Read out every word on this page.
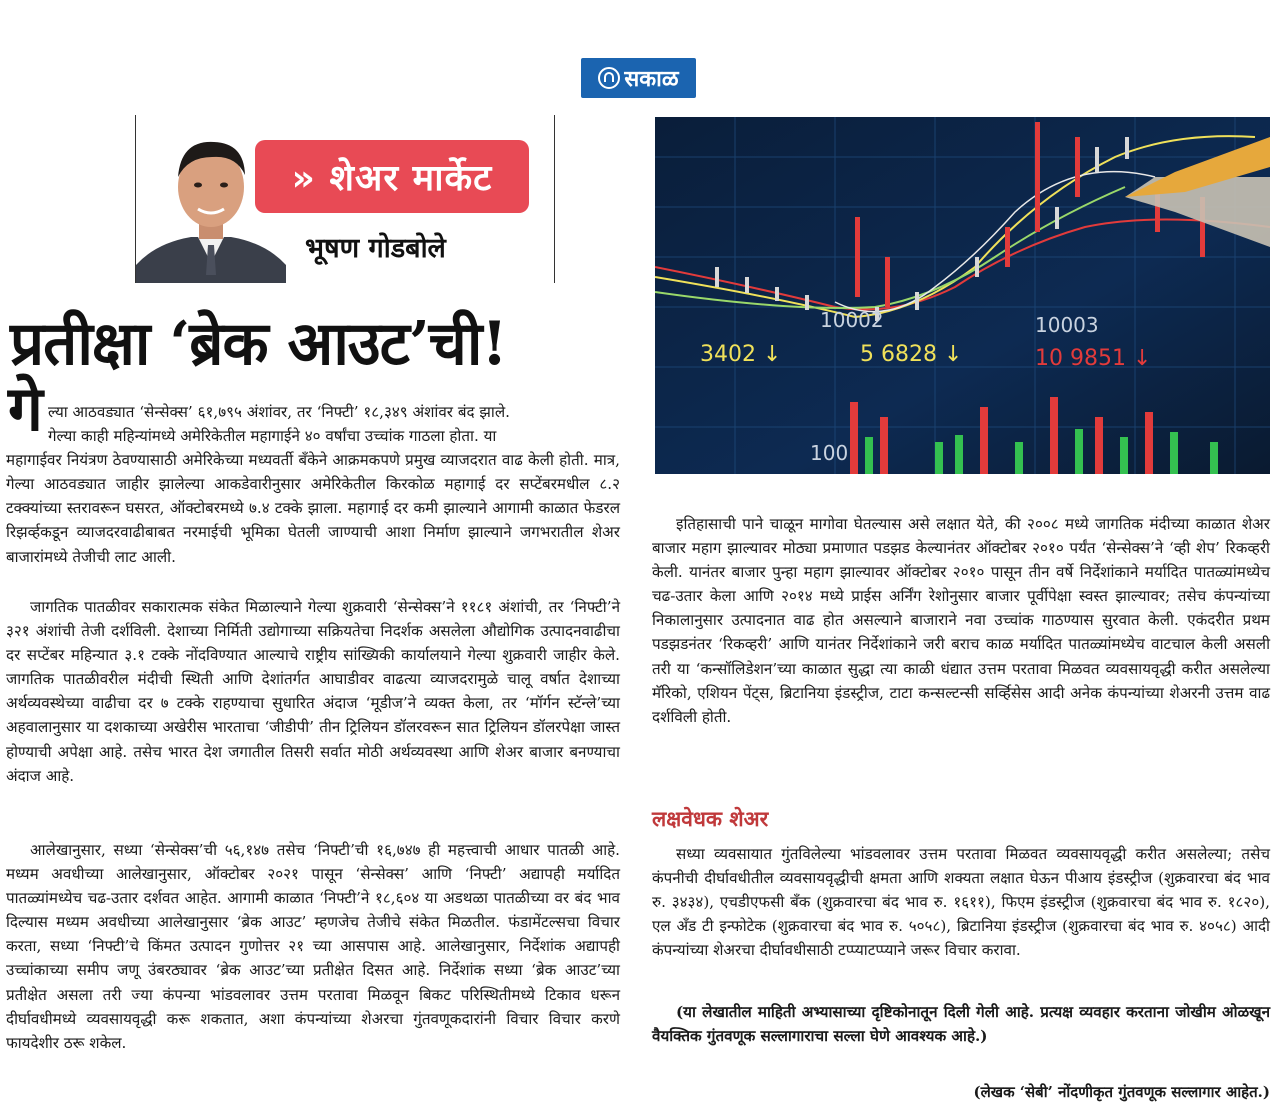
सकाळ
» शेअर मार्केट
भूषण गोडबोले
प्रतीक्षा ‘ब्रेक आउट’ची!
गे ल्या आठवड्यात ‘सेन्सेक्स’ ६१,७९५ अंशांवर, तर ‘निफ्टी’ १८,३४९ अंशांवर बंद झाले.

गेल्या काही महिन्यांमध्ये अमेरिकेतील महागाईने ४० वर्षांचा उच्चांक गाठला होता. या

महागाईवर नियंत्रण ठेवण्यासाठी अमेरिकेच्या मध्यवर्ती बँकेने आक्रमकपणे प्रमुख व्याजदरात वाढ केली होती. मात्र, गेल्या आठवड्यात जाहीर झालेल्या आकडेवारीनुसार अमेरिकेतील किरकोळ महागाई दर सप्टेंबरमधील ८.२ टक्क्यांच्या स्तरावरून घसरत, ऑक्टोबरमध्ये ७.४ टक्के झाला. महागाई दर कमी झाल्याने आगामी काळात फेडरल रिझर्व्हकडून व्याजदरवाढीबाबत नरमाईची भूमिका घेतली जाण्याची आशा निर्माण झाल्याने जगभरातील शेअर बाजारांमध्ये तेजीची लाट आली.

जागतिक पातळीवर सकारात्मक संकेत मिळाल्याने गेल्या शुक्रवारी ‘सेन्सेक्स’ने ११८१ अंशांची, तर ‘निफ्टी’ने ३२१ अंशांची तेजी दर्शविली. देशाच्या निर्मिती उद्योगाच्या सक्रियतेचा निदर्शक असलेला औद्योगिक उत्पादनवाढीचा दर सप्टेंबर महिन्यात ३.१ टक्के नोंदविण्यात आल्याचे राष्ट्रीय सांख्यिकी कार्यालयाने गेल्या शुक्रवारी जाहीर केले. जागतिक पातळीवरील मंदीची स्थिती आणि देशांतर्गत आघाडीवर वाढत्या व्याजदरामुळे चालू वर्षात देशाच्या अर्थव्यवस्थेच्या वाढीचा दर ७ टक्के राहण्याचा सुधारित अंदाज ‘मूडीज’ने व्यक्त केला, तर ‘मॉर्गन स्टॅन्ले’च्या अहवालानुसार या दशकाच्या अखेरीस भारताचा ‘जीडीपी’ तीन ट्रिलियन डॉलरवरून सात ट्रिलियन डॉलरपेक्षा जास्त होण्याची अपेक्षा आहे. तसेच भारत देश जगातील तिसरी सर्वात मोठी अर्थव्यवस्था आणि शेअर बाजार बनण्याचा अंदाज आहे.

आलेखानुसार, सध्या ‘सेन्सेक्स’ची ५६,१४७ तसेच ‘निफ्टी’ची १६,७४७ ही महत्त्वाची आधार पातळी आहे. मध्यम अवधीच्या आलेखानुसार, ऑक्टोबर २०२१ पासून ‘सेन्सेक्स’ आणि ‘निफ्टी’ अद्यापही मर्यादित पातळ्यांमध्येच चढ-उतार दर्शवत आहेत. आगामी काळात ‘निफ्टी’ने १८,६०४ या अडथळा पातळीच्या वर बंद भाव दिल्यास मध्यम अवधीच्या आलेखानुसार ‘ब्रेक आउट’ म्हणजेच तेजीचे संकेत मिळतील. फंडामेंटल्सचा विचार करता, सध्या ‘निफ्टी’चे किंमत उत्पादन गुणोत्तर २१ च्या आसपास आहे. आलेखानुसार, निर्देशांक अद्यापही उच्चांकाच्या समीप जणू उंबरठ्यावर ‘ब्रेक आउट’च्या प्रतीक्षेत दिसत आहे. निर्देशांक सध्या ‘ब्रेक आउट’च्या प्रतीक्षेत असला तरी ज्या कंपन्या भांडवलावर उत्तम परतावा मिळवून बिकट परिस्थितीमध्ये टिकाव धरून दीर्घावधीमध्ये व्यवसायवृद्धी करू शकतात, अशा कंपन्यांच्या शेअरचा गुंतवणूकदारांनी विचार विचार करणे फायदेशीर ठरू शकेल.

10002	10003
3402 ↓	5 6828 ↓	10 9851 ↓
100

इतिहासाची पाने चाळून मागोवा घेतल्यास असे लक्षात येते, की २००८ मध्ये जागतिक मंदीच्या काळात शेअर बाजार महाग झाल्यावर मोठ्या प्रमाणात पडझड केल्यानंतर ऑक्टोबर २०१० पर्यंत ‘सेन्सेक्स’ने ‘व्ही शेप’ रिकव्हरी केली. यानंतर बाजार पुन्हा महाग झाल्यावर ऑक्टोबर २०१० पासून तीन वर्षे निर्देशांकाने मर्यादित पातळ्यांमध्येच चढ-उतार केला आणि २०१४ मध्ये प्राईस अर्निंग रेशोनुसार बाजार पूर्वीपेक्षा स्वस्त झाल्यावर; तसेच कंपन्यांच्या निकालानुसार उत्पादनात वाढ होत असल्याने बाजाराने नवा उच्चांक गाठण्यास सुरवात केली. एकंदरीत प्रथम पडझडनंतर ‘रिकव्हरी’ आणि यानंतर निर्देशांकाने जरी बराच काळ मर्यादित पातळ्यांमध्येच वाटचाल केली असली तरी या ‘कन्सॉलिडेशन’च्या काळात सुद्धा त्या काळी धंद्यात उत्तम परतावा मिळवत व्यवसायवृद्धी करीत असलेल्या मॅरिको, एशियन पेंट्स, ब्रिटानिया इंडस्ट्रीज, टाटा कन्सल्टन्सी सर्व्हिसेस आदी अनेक कंपन्यांच्या शेअरनी उत्तम वाढ दर्शविली होती.

लक्षवेधक शेअर

सध्या व्यवसायात गुंतविलेल्या भांडवलावर उत्तम परतावा मिळवत व्यवसायवृद्धी करीत असलेल्या; तसेच कंपनीची दीर्घावधीतील व्यवसायवृद्धीची क्षमता आणि शक्यता लक्षात घेऊन पीआय इंडस्ट्रीज (शुक्रवारचा बंद भाव रु. ३४३४), एचडीएफसी बँक (शुक्रवारचा बंद भाव रु. १६११), फिएम इंडस्ट्रीज (शुक्रवारचा बंद भाव रु. १८२०), एल अँड टी इन्फोटेक (शुक्रवारचा बंद भाव रु. ५०५८), ब्रिटानिया इंडस्ट्रीज (शुक्रवारचा बंद भाव रु. ४०५८) आदी कंपन्यांच्या शेअरचा दीर्घावधीसाठी टप्प्याटप्प्याने जरूर विचार करावा.

(या लेखातील माहिती अभ्यासाच्या दृष्टिकोनातून दिली गेली आहे. प्रत्यक्ष व्यवहार करताना जोखीम ओळखून वैयक्तिक गुंतवणूक सल्लागाराचा सल्ला घेणे आवश्यक आहे.)

(लेखक ‘सेबी’ नोंदणीकृत गुंतवणूक सल्लागार आहेत.)
